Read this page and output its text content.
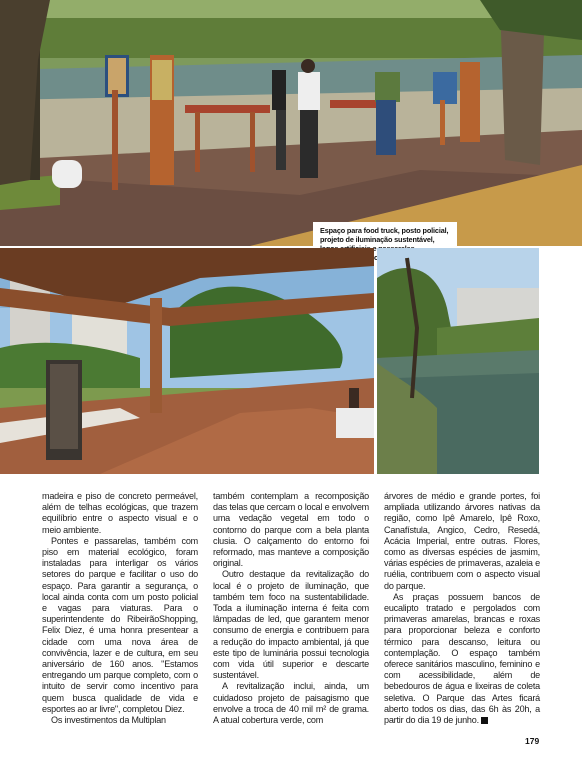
Espaço para food truck, posto policial, projeto de iluminação sustentável, e

madeira e piso de concreto permeável, além de telhas ecológicas, que trazem equilíbrio entre o aspecto visual e o meio ambiente.

Pontes e passarelas, também com piso em material ecológico, foram instaladas para interligar os vários setores do parque e facilitar o uso do espaço. Para garantir a segurança, o local ainda conta com um posto policial e vagas para viaturas. Para o superintendente do RibeirãoShopping, Felix Diez, é uma honra presentear a cidade com uma nova área de convivência, lazer e de cultura, em seu aniversário de 160 anos. "Estamos entregando um parque completo, com o intuito de servir como incentivo para quem busca qualidade de vida e esportes ao ar livre", completou Diez.

Os investimentos da Multiplan

também contemplam a recomposição das telas que cercam o local e envolvem uma vedação vegetal em todo o contorno do parque com a bela planta clusia. O calçamento do entorno foi reformado, mas manteve a composição original.

Outro destaque da revitalização do local é o projeto de iluminação, que também tem foco na sustentabilidade. Toda a iluminação interna é feita com lâmpadas de led, que garantem menor consumo de energia e contribuem para a redução do impacto ambiental, já que este tipo de luminária possui tecnologia com vida útil superior e descarte sustentável.

A revitalização inclui, ainda, um cuidadoso projeto de paisagismo que envolve a troca de 40 mil m² de grama. A atual cobertura verde, com

árvores de médio e grande portes, foi ampliada utilizando árvores nativas da região, como Ipê Amarelo, Ipê Roxo, Canafístula, Angico, Cedro, Resedá, Acácia Imperial, entre outras. Flores, como as diversas espécies de jasmim, várias espécies de primaveras, azaleia e ruélia, contribuem com o aspecto visual do parque.

As praças possuem bancos de eucalipto tratado e pergolados com primaveras amarelas, brancas e roxas para proporcionar beleza e conforto térmico para descanso, leitura ou contemplação. O espaço também oferece sanitários masculino, feminino e com acessibilidade, além de bebedouros de água e lixeiras de coleta seletiva. O Parque das Artes ficará aberto todos os dias, das 6h às 20h, a partir do dia 19 de junho.

179
